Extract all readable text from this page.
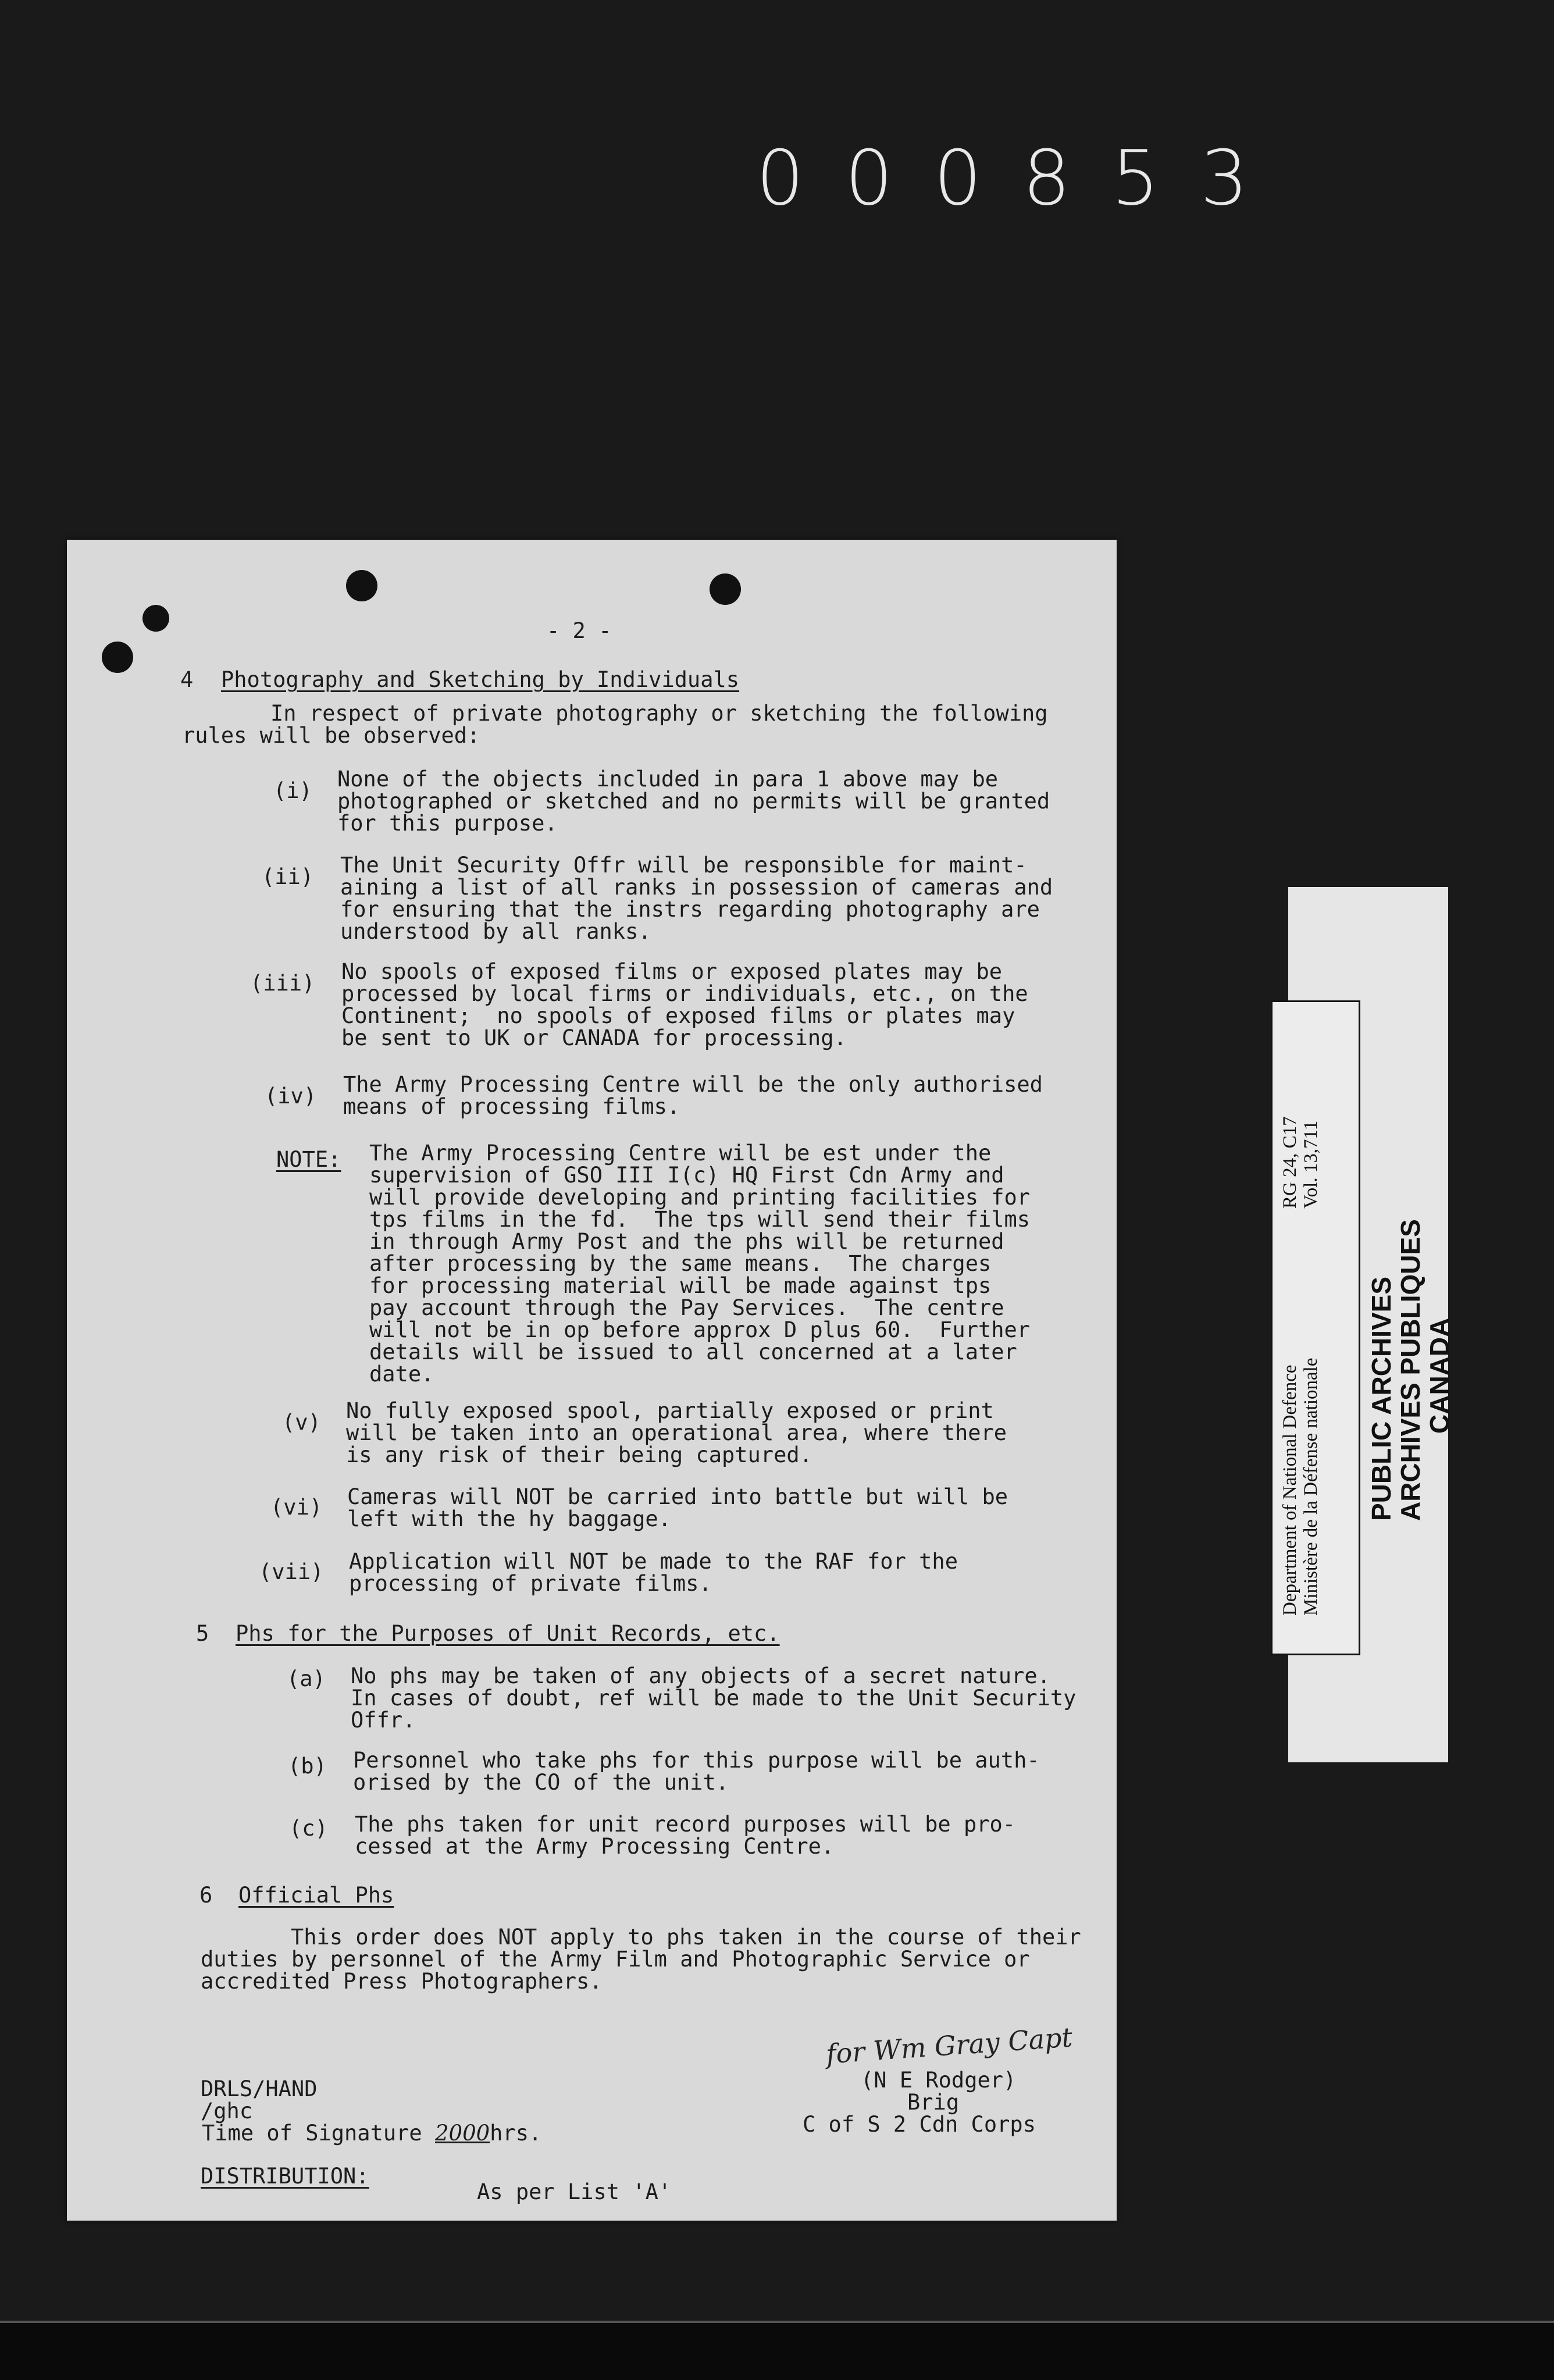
000853
- 2 -
4 Photography and Sketching by Individuals
In respect of private photography or sketching the following
rules will be observed:
(i) None of the objects included in para 1 above may be
photographed or sketched and no permits will be granted
for this purpose.
(ii) The Unit Security Offr will be responsible for maint-
aining a list of all ranks in possession of cameras and
for ensuring that the instrs regarding photography are
understood by all ranks.
(iii) No spools of exposed films or exposed plates may be
processed by local firms or individuals, etc., on the
Continent;  no spools of exposed films or plates may
be sent to UK or CANADA for processing.
(iv) The Army Processing Centre will be the only authorised
means of processing films.
NOTE: The Army Processing Centre will be est under the
supervision of GSO III I(c) HQ First Cdn Army and
will provide developing and printing facilities for
tps films in the fd.  The tps will send their films
in through Army Post and the phs will be returned
after processing by the same means.  The charges
for processing material will be made against tps
pay account through the Pay Services.  The centre
will not be in op before approx D plus 60.  Further
details will be issued to all concerned at a later
date.
(v) No fully exposed spool, partially exposed or print
will be taken into an operational area, where there
is any risk of their being captured.
(vi) Cameras will NOT be carried into battle but will be
left with the hy baggage.
(vii) Application will NOT be made to the RAF for the
processing of private films.
5 Phs for the Purposes of Unit Records, etc.
(a) No phs may be taken of any objects of a secret nature.
In cases of doubt, ref will be made to the Unit Security
Offr.
(b) Personnel who take phs for this purpose will be auth-
orised by the CO of the unit.
(c) The phs taken for unit record purposes will be pro-
cessed at the Army Processing Centre.
6 Official Phs
This order does NOT apply to phs taken in the course of their
duties by personnel of the Army Film and Photographic Service or
accredited Press Photographers.
DRLS/HAND
/ghc
Time of Signature 2000hrs.
for Wm Gray Capt
(N E Rodger)
Brig
C of S 2 Cdn Corps
DISTRIBUTION:
As per List 'A'
PUBLIC ARCHIVES
ARCHIVES PUBLIQUES
CANADA
Department of National Defence Ministère de la Défense nationale
RG 24, C17 Vol. 13,711
